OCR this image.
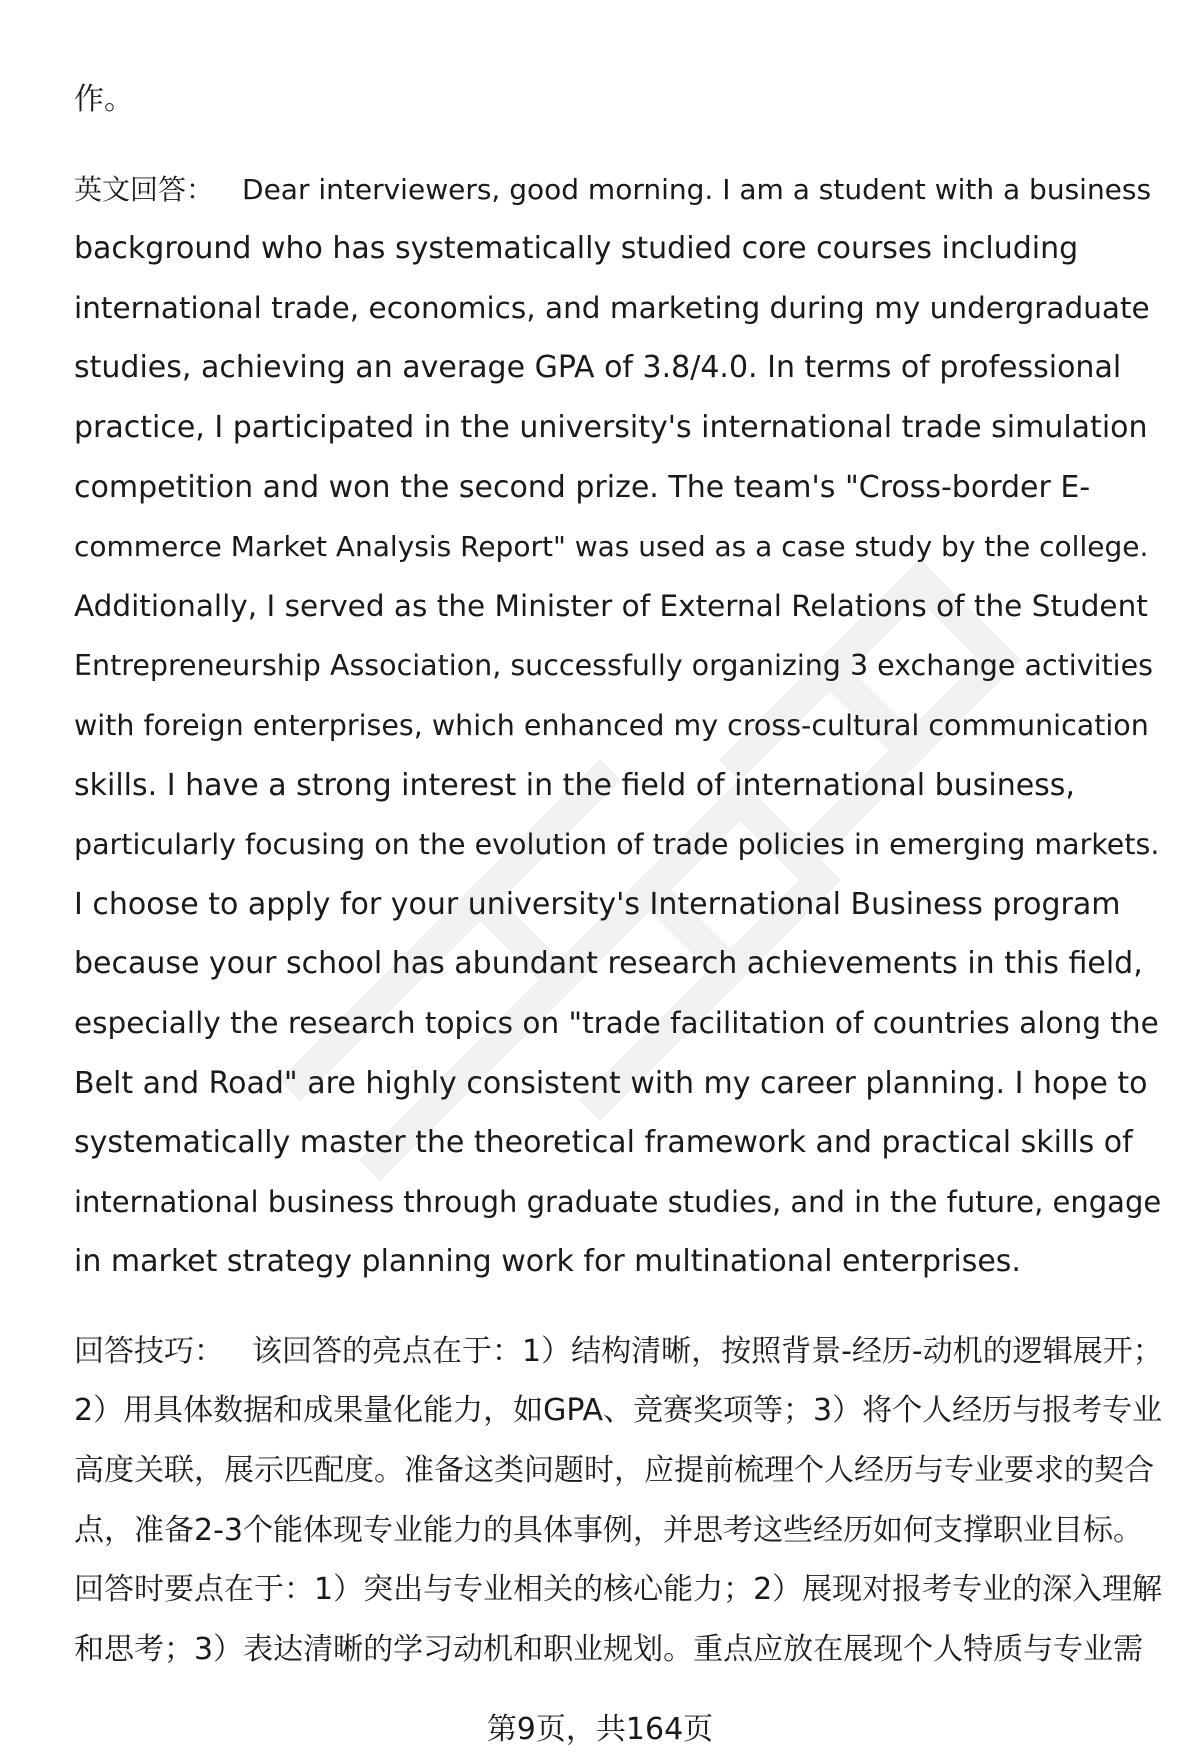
作。

英文回答： Dear interviewers, good morning. I am a student with a business

background who has systematically studied core courses including

international trade, economics, and marketing during my undergraduate

studies, achieving an average GPA of 3.8/4.0. In terms of professional

practice, I participated in the university's international trade simulation

competition and won the second prize. The team's "Cross-border E-

commerce Market Analysis Report" was used as a case study by the college.

Additionally, I served as the Minister of External Relations of the Student

Entrepreneurship Association, successfully organizing 3 exchange activities

with foreign enterprises, which enhanced my cross-cultural communication

skills. I have a strong interest in the field of international business,

particularly focusing on the evolution of trade policies in emerging markets.

I choose to apply for your university's International Business program

because your school has abundant research achievements in this field,

especially the research topics on "trade facilitation of countries along the

Belt and Road" are highly consistent with my career planning. I hope to

systematically master the theoretical framework and practical skills of

international business through graduate studies, and in the future, engage

in market strategy planning work for multinational enterprises.

回答技巧： 该回答的亮点在于：1）结构清晰，按照背景-经历-动机的逻辑展开；

2）用具体数据和成果量化能力，如GPA、竞赛奖项等；3）将个人经历与报考专业

高度关联，展示匹配度。准备这类问题时，应提前梳理个人经历与专业要求的契合

点，准备2-3个能体现专业能力的具体事例，并思考这些经历如何支撑职业目标。

回答时要点在于：1）突出与专业相关的核心能力；2）展现对报考专业的深入理解

和思考；3）表达清晰的学习动机和职业规划。重点应放在展现个人特质与专业需

第9页，共164页
